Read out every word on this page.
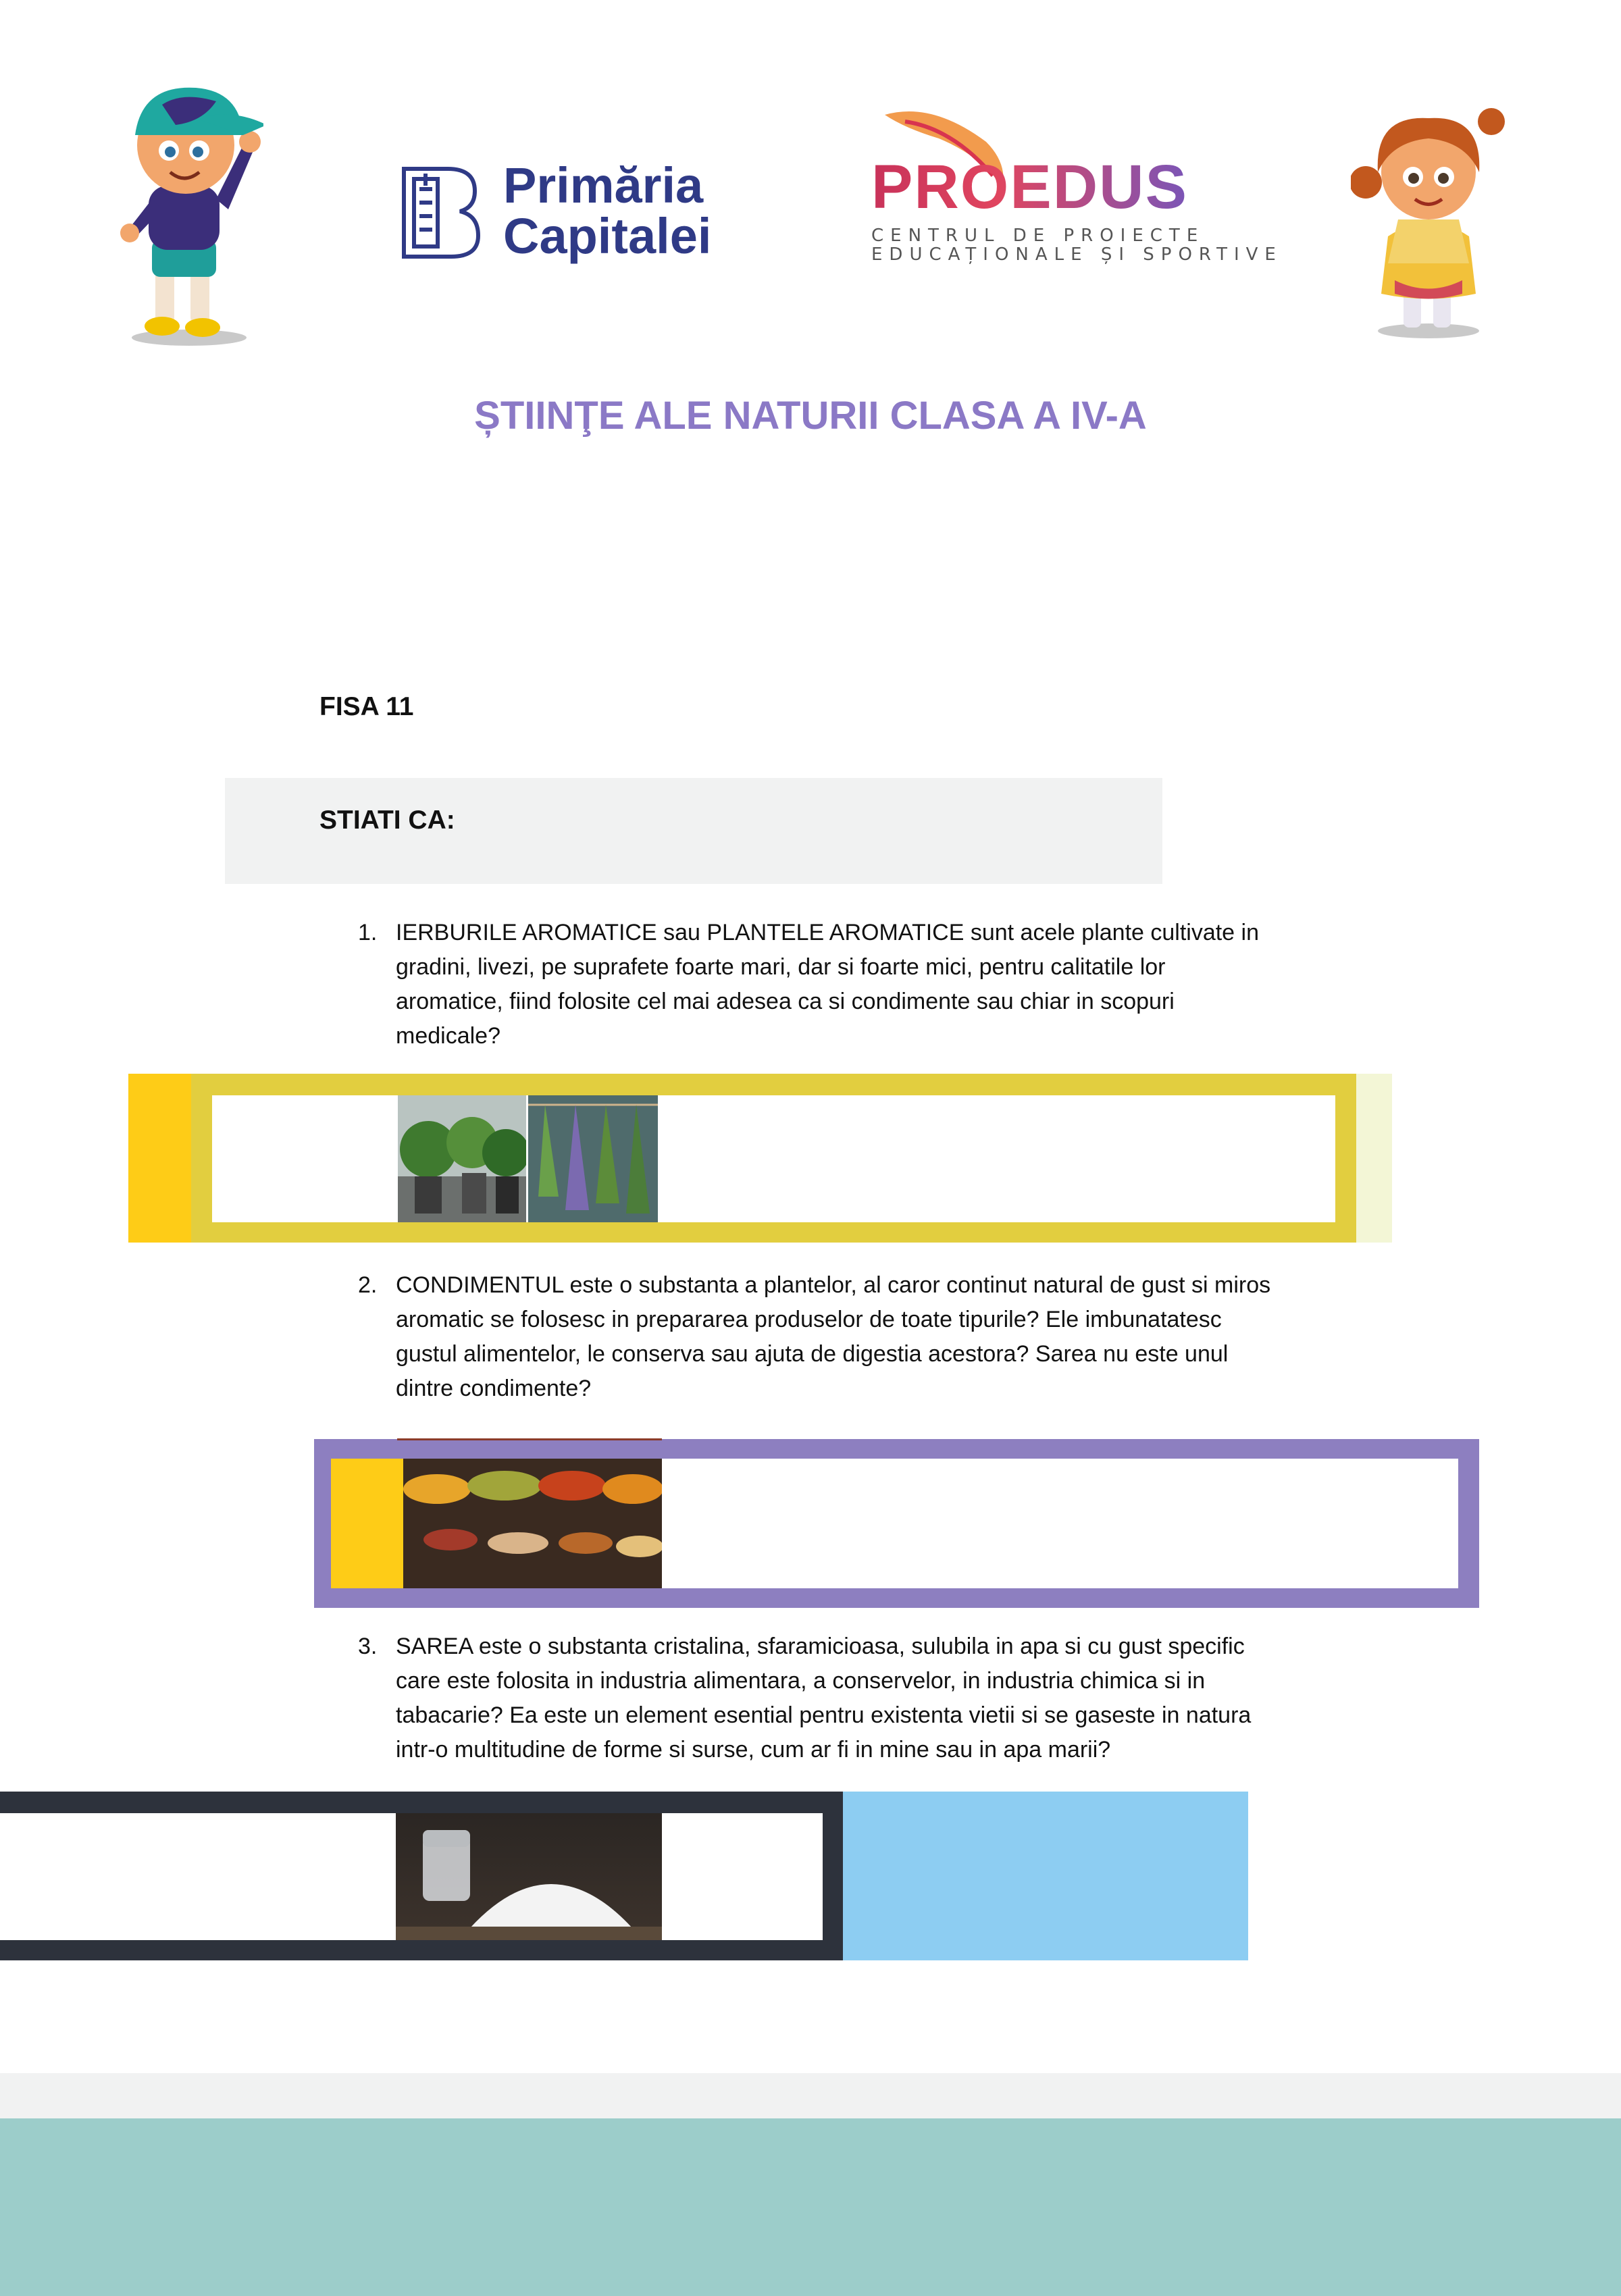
Primăria
Capitalei
PROEDUS
CENTRUL DE PROIECTE
EDUCAȚIONALE ȘI SPORTIVE
ȘTIINŢE ALE NATURII CLASA A IV-A
FISA 11
STIATI CA:
1. IERBURILE AROMATICE sau PLANTELE AROMATICE sunt acele plante cultivate in gradini, livezi, pe suprafete foarte mari, dar si foarte mici, pentru calitatile lor aromatice, fiind folosite cel mai adesea ca si condimente sau chiar in scopuri medicale?
2. CONDIMENTUL este o substanta a plantelor, al caror continut natural de gust si miros aromatic se folosesc in prepararea produselor de toate tipurile? Ele imbunatatesc gustul alimentelor, le conserva sau ajuta de digestia acestora? Sarea nu este unul dintre condimente?
3. SAREA este o substanta cristalina, sfaramicioasa, sulubila in apa si cu gust specific care este folosita in industria alimentara, a conservelor, in industria chimica si in tabacarie? Ea este un element esential pentru existenta vietii si se gaseste in natura intr-o multitudine de forme si surse, cum ar fi in mine sau in apa marii?
